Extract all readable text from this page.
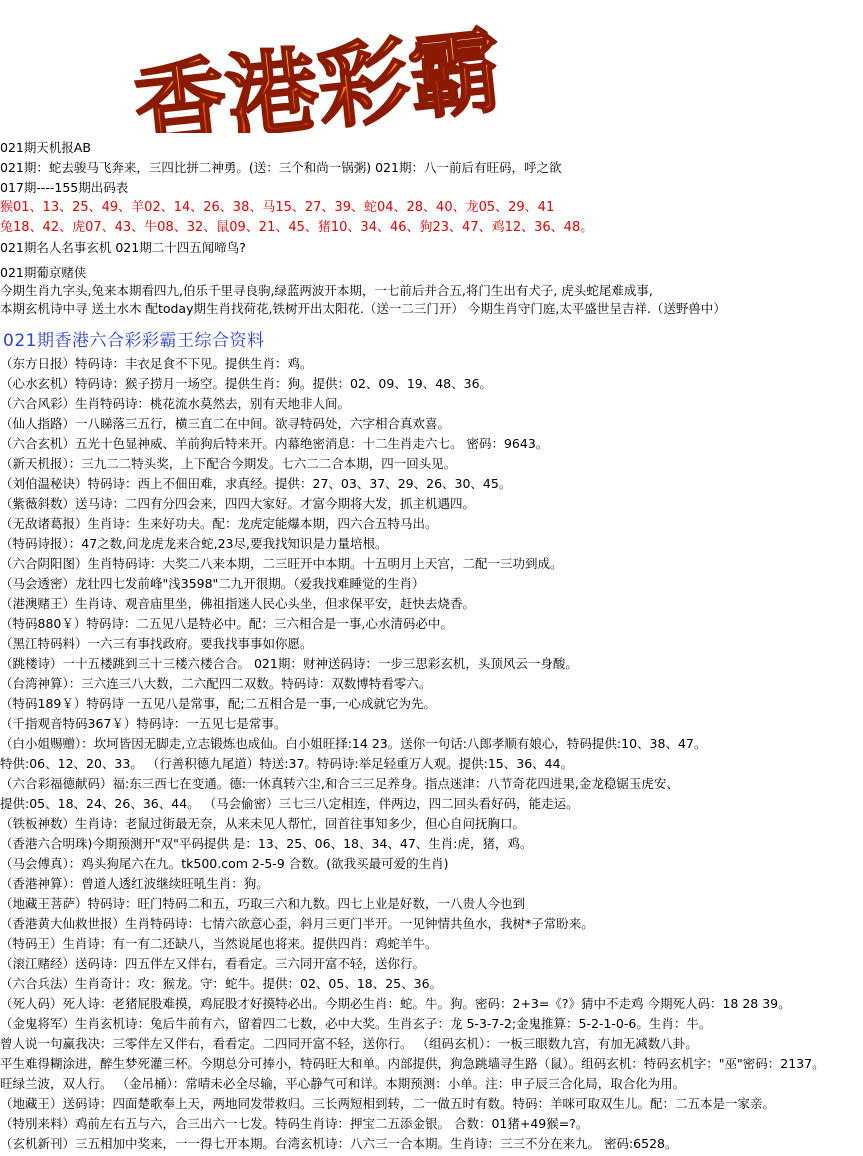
香港彩霸
021期天机报AB
021期：蛇去骏马飞奔来，三四比拼二神勇。(送：三个和尚一锅粥) 021期：八一前后有旺码，呼之欲
017期----155期出码表
猴01、13、25、49、羊02、14、26、38、马15、27、39、蛇04、28、40、龙05、29、41
兔18、42、虎07、43、牛08、32、鼠09、21、45、猪10、34、46、狗23、47、鸡12、36、48。
021期名人名事玄机 021期二十四五闻啼鸟?
021期葡京赌侠
今期生肖九字头,兔来本期看四九,伯乐千里寻良驹,绿蓝两波开本期，一七前后并合五,将门生出有犬子, 虎头蛇尾难成事,
本期玄机诗中寻 送土水木 配today期生肖找荷花,铁树开出太阳花.（送一二三门开） 今期生肖守门庭,太平盛世呈吉祥.（送野兽中）
021期香港六合彩彩霸王综合资料
（东方日报）特码诗：丰衣足食不下见。提供生肖：鸡。
（心水玄机）特码诗：猴子捞月一场空。提供生肖：狗。提供：02、09、19、48、36。
（六合风彩）生肖特码诗：桃花流水莫然去，别有天地非人间。
（仙人指路）一八睇落三五行，横三直二在中间。欲寻特码处，六字相合真欢喜。
（六合玄机）五光十色显神威、羊前狗后特来开。内幕绝密消息：十二生肖走六七。 密码：9643。
（新天机报）：三九二二特头奖，上下配合今期发。七六二二合本期，四一回头见。
（刘伯温秘诀）特码诗：西上不佃田难，求真经。提供：27、03、37、29、26、30、45。
（紫薇斜数）送马诗：二四有分四会来，四四大家好。才富今期将大发，抓主机遇四。
（无敌诸葛报）生肖诗：生来好功夫。配：龙虎定能爆本期，四六合五特马出。
（特码诗报）：47之数,问龙虎龙来合蛇,23尽,要我找知识是力量培根。
（六合阴阳图）生肖特码诗：大奖二八来本期，二三旺开中本期。十五明月上天宫，二配一三功到成。
（马会透密）龙壮四七发前峰"浅3598"二九开很期。（爱我找难睡觉的生肖）
（港澳赌王）生肖诗、观音庙里坐，佛祖指迷人民心头坐，但求保平安，赶快去烧香。
（特码880￥）特码诗：二五见八是特必中。配：三六相合是一事,心水清码必中。
（黑江特码料）一六三有事找政府。要我找事事如你愿。
（跳楼诗）一十五楼跳到三十三楼六楼合合。 021期：财神送码诗：一步三思彩玄机，头顶风云一身酸。
（台湾神算）：三六连三八大数，二六配四二双数。特码诗：双数博特看零六。
（特码189￥）特码诗 一五见八是常事，配;二五相合是一事,一心成就它为先。
（千指观音特码367￥）特码诗：一五见七是常事。
（白小姐赐赠）：坎坷皆因无脚走,立志锻炼也成仙。白小姐旺择:14 23。送你一句话:八郎孝顺有娘心，特码提供:10、38、47。
特供:06、12、20、33。 （行善积德九尾道）特送:37。特码诗:举足轻重万人观。提供:15、36、44。
（六合彩福德献码）福:东三西七在变通。德:一休真转六尘,和合三三足养身。指点迷津：八节奇花四进果,金龙稳锯玉虎安、
提供:05、18、24、26、36、44。 （马会偷密）三七三八定相连，伴两边，四二回头看好码，能走运。
（铁板神数）生肖诗：老鼠过街最无奈，从来未见人帮忙，回首往事知多少，但心自问抚胸口。
（香港六合明珠)今期预测开"双"平码提供 是：13、25、06、18、34、47、生肖:虎，猪，鸡。
（马会傅真）：鸡头狗尾六在九。tk500.com 2-5-9 合数。(欲我买最可爱的生肖)
（香港神算）：曾道人透红波继续旺吼生肖：狗。
（地藏王菩萨）特码诗：旺门特码二和五，巧取三六和九数。四七上业是好数，一八贵人今也到
（香港黄大仙救世报）生肖特码诗：七情六欲意心歪，斜月三更门半开。一见钟情共鱼水，我树*子常盼来。
（特码王）生肖诗：有一有二还缺八，当然说尾也将来。提供四肖：鸡蛇羊牛。
（滚江赌经）送码诗：四五伴左又伴右，看看定。三六同开富不轻，送你行。
（六合兵法）生肖奇计：攻：猴龙。守：蛇牛。提供：02、05、18、25、36。
（死人码）死人诗：老猪屁股难摸，鸡屁股才好摸特必出。今期必生肖：蛇。牛。狗。密码：2+3=《?》猜中不走鸡 今期死人码：18 28 39。
（金鬼将军）生肖玄机诗：兔后牛前有六，留着四二七数，必中大奖。生肖玄子：龙 5-3-7-2;金鬼推算：5-2-1-0-6。生肖：牛。
曾人说一句赢我决：三零伴左又伴右，看看定。二四同开富不轻，送你行。 （组码玄机）：一板三眼数九宫，有加无减数八卦。
平生难得糊涂进，醉生梦死灌三杯。今期总分可捧小，特码旺大和单。内部提供，狗急跳墙寻生路（鼠）。组码玄机：特码玄机字："巫"密码：2137。
旺绿兰波，双人行。 （金吊桶）：常晴未必全尽输，平心静气可和详。本期预测：小单。注：申子辰三合化局，取合化为用。
（地藏王）送码诗：四面楚歌奉上天，两地同发带救归。三长两短相到转，二一做五时有数。特码：羊咪可取双生儿。配：二五本是一家亲。
（特別来料）鸡前左右五与六，合三出六一七发。特码生肖诗：押宝二五添金银。 合数：01猪+49猴=?。
（玄机新刊）三五相加中奖来，一一得七开本期。台湾玄机诗：八六三一合本期。生肖诗：三三不分在来九。 密码:6528。
